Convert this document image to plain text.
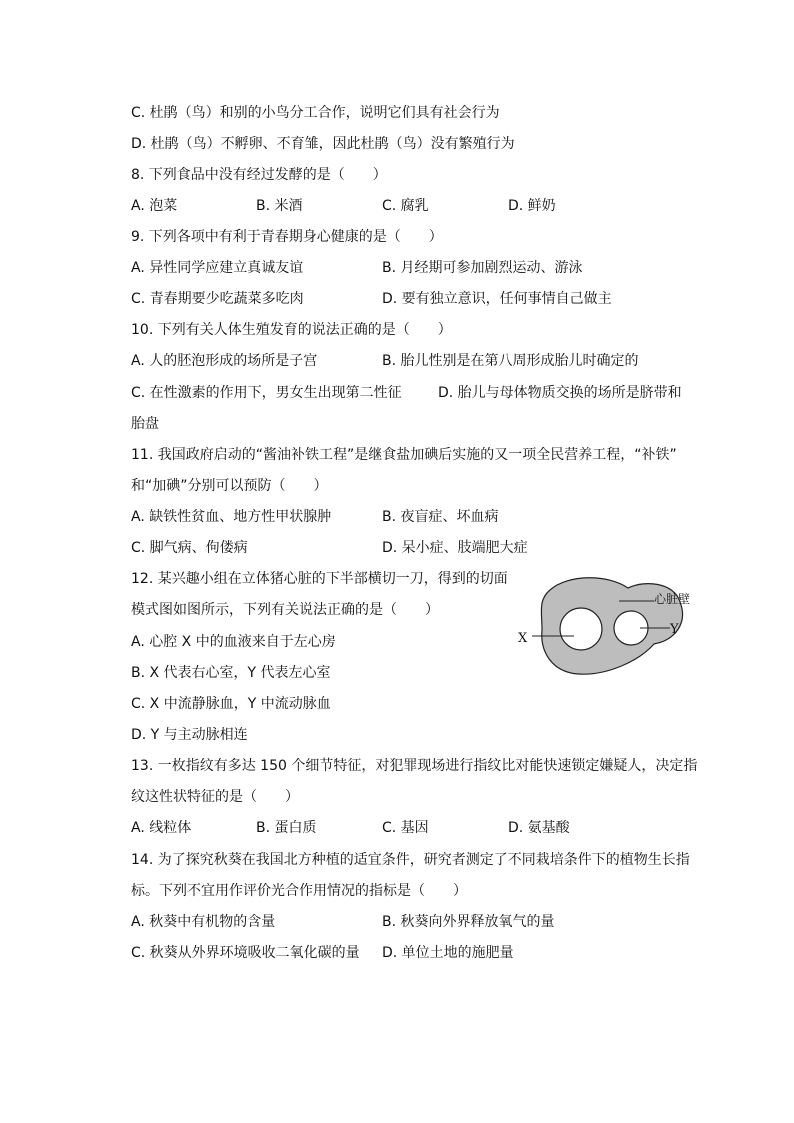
C. 杜鹃（鸟）和别的小鸟分工合作，说明它们具有社会行为
D. 杜鹃（鸟）不孵卵、不育雏，因此杜鹃（鸟）没有繁殖行为
8. 下列食品中没有经过发酵的是（　　）
A. 泡菜	B. 米酒	C. 腐乳	D. 鲜奶
9. 下列各项中有利于青春期身心健康的是（　　）
A. 异性同学应建立真诚友谊	B. 月经期可参加剧烈运动、游泳
C. 青春期要少吃蔬菜多吃肉	D. 要有独立意识，任何事情自己做主
10. 下列有关人体生殖发育的说法正确的是（　　）
A. 人的胚泡形成的场所是子宫	B. 胎儿性别是在第八周形成胎儿时确定的
C. 在性激素的作用下，男女生出现第二性征	D. 胎儿与母体物质交换的场所是脐带和
胎盘
11. 我国政府启动的“酱油补铁工程”是继食盐加碘后实施的又一项全民营养工程，“补铁”
和“加碘”分别可以预防（　　）
A. 缺铁性贫血、地方性甲状腺肿	B. 夜盲症、坏血病
C. 脚气病、佝偻病	D. 呆小症、肢端肥大症
12. 某兴趣小组在立体猪心脏的下半部横切一刀，得到的切面
模式图如图所示，下列有关说法正确的是（　　）
A. 心腔 X 中的血液来自于左心房
B. X 代表右心室，Y 代表左心室
C. X 中流静脉血，Y 中流动脉血
D. Y 与主动脉相连
X
Y
心脏壁
13. 一枚指纹有多达 150 个细节特征，对犯罪现场进行指纹比对能快速锁定嫌疑人，决定指
纹这性状特征的是（　　）
A. 线粒体	B. 蛋白质	C. 基因	D. 氨基酸
14. 为了探究秋葵在我国北方种植的适宜条件，研究者测定了不同栽培条件下的植物生长指
标。下列不宜用作评价光合作用情况的指标是（　　）
A. 秋葵中有机物的含量	B. 秋葵向外界释放氧气的量
C. 秋葵从外界环境吸收二氧化碳的量 D. 单位土地的施肥量
